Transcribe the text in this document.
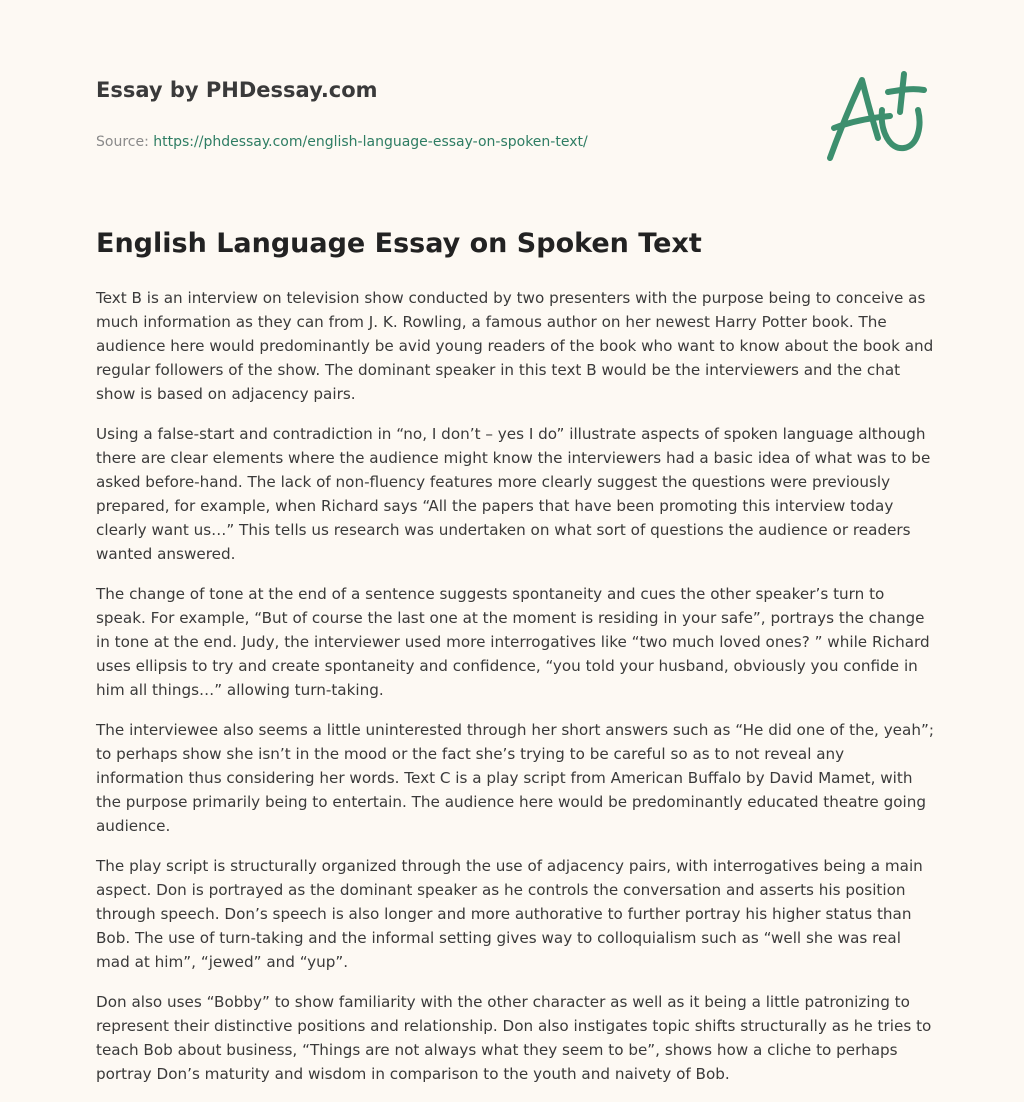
Essay by PHDessay.com
Source: https://phdessay.com/english-language-essay-on-spoken-text/
English Language Essay on Spoken Text

Text B is an interview on television show conducted by two presenters with the purpose being to conceive as much information as they can from J. K. Rowling, a famous author on her newest Harry Potter book. The audience here would predominantly be avid young readers of the book who want to know about the book and regular followers of the show. The dominant speaker in this text B would be the interviewers and the chat show is based on adjacency pairs.

Using a false-start and contradiction in “no, I don’t – yes I do” illustrate aspects of spoken language although there are clear elements where the audience might know the interviewers had a basic idea of what was to be asked before-hand. The lack of non-fluency features more clearly suggest the questions were previously prepared, for example, when Richard says “All the papers that have been promoting this interview today clearly want us…” This tells us research was undertaken on what sort of questions the audience or readers wanted answered.

The change of tone at the end of a sentence suggests spontaneity and cues the other speaker’s turn to speak. For example, “But of course the last one at the moment is residing in your safe”, portrays the change in tone at the end. Judy, the interviewer used more interrogatives like “two much loved ones? ” while Richard uses ellipsis to try and create spontaneity and confidence, “you told your husband, obviously you confide in him all things…” allowing turn-taking.

The interviewee also seems a little uninterested through her short answers such as “He did one of the, yeah”; to perhaps show she isn’t in the mood or the fact she’s trying to be careful so as to not reveal any information thus considering her words. Text C is a play script from American Buffalo by David Mamet, with the purpose primarily being to entertain. The audience here would be predominantly educated theatre going audience.

The play script is structurally organized through the use of adjacency pairs, with interrogatives being a main aspect. Don is portrayed as the dominant speaker as he controls the conversation and asserts his position through speech. Don’s speech is also longer and more authorative to further portray his higher status than Bob. The use of turn-taking and the informal setting gives way to colloquialism such as “well she was real mad at him”, “jewed” and “yup”.

Don also uses “Bobby” to show familiarity with the other character as well as it being a little patronizing to represent their distinctive positions and relationship. Don also instigates topic shifts structurally as he tries to teach Bob about business, “Things are not always what they seem to be”, shows how a cliche to perhaps portray Don’s maturity and wisdom in comparison to the youth and naivety of Bob.
